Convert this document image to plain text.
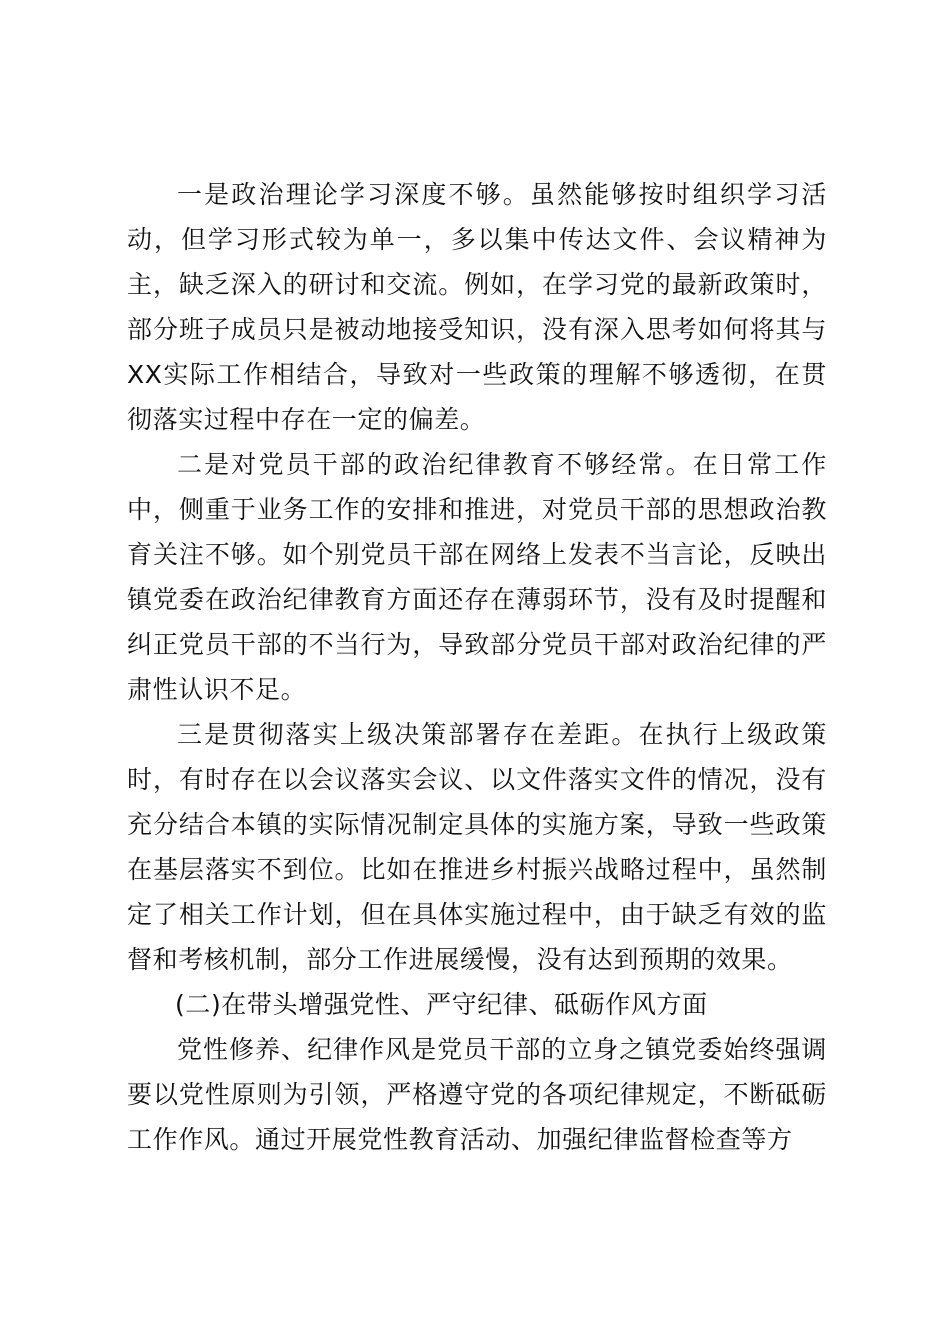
一是政治理论学习深度不够。虽然能够按时组织学习活动，但学习形式较为单一，多以集中传达文件、会议精神为主，缺乏深入的研讨和交流。例如，在学习党的最新政策时，部分班子成员只是被动地接受知识，没有深入思考如何将其与XX实际工作相结合，导致对一些政策的理解不够透彻，在贯彻落实过程中存在一定的偏差。

二是对党员干部的政治纪律教育不够经常。在日常工作中，侧重于业务工作的安排和推进，对党员干部的思想政治教育关注不够。如个别党员干部在网络上发表不当言论，反映出镇党委在政治纪律教育方面还存在薄弱环节，没有及时提醒和纠正党员干部的不当行为，导致部分党员干部对政治纪律的严肃性认识不足。

三是贯彻落实上级决策部署存在差距。在执行上级政策时，有时存在以会议落实会议、以文件落实文件的情况，没有充分结合本镇的实际情况制定具体的实施方案，导致一些政策在基层落实不到位。比如在推进乡村振兴战略过程中，虽然制定了相关工作计划，但在具体实施过程中，由于缺乏有效的监督和考核机制，部分工作进展缓慢，没有达到预期的效果。

(二)在带头增强党性、严守纪律、砥砺作风方面

党性修养、纪律作风是党员干部的立身之镇党委始终强调要以党性原则为引领，严格遵守党的各项纪律规定，不断砥砺工作作风。通过开展党性教育活动、加强纪律监督检查等方
